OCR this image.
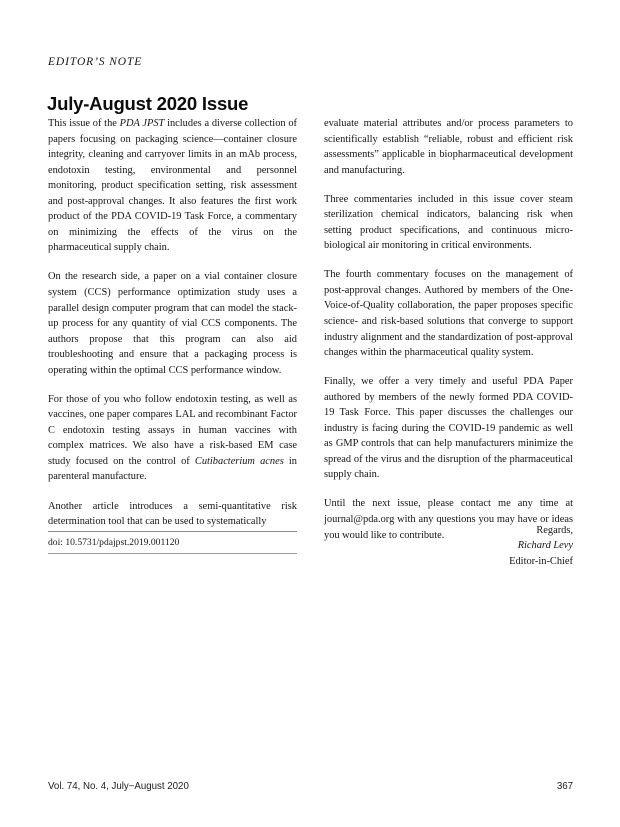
EDITOR’S NOTE
July-August 2020 Issue

This issue of the PDA JPST includes a diverse collection of papers focusing on packaging science—container closure integrity, cleaning and carryover limits in an mAb process, endotoxin testing, environmental and personnel monitoring, product specification setting, risk assessment and post-approval changes. It also features the first work product of the PDA COVID-19 Task Force, a commentary on minimizing the effects of the virus on the pharmaceutical supply chain.

On the research side, a paper on a vial container closure system (CCS) performance optimization study uses a parallel design computer program that can model the stack-up process for any quantity of vial CCS components. The authors propose that this program can also aid troubleshooting and ensure that a packaging process is operating within the optimal CCS performance window.

For those of you who follow endotoxin testing, as well as vaccines, one paper compares LAL and recombinant Factor C endotoxin testing assays in human vaccines with complex matrices. We also have a risk-based EM case study focused on the control of Cutibacterium acnes in parenteral manufacture.

Another article introduces a semi-quantitative risk determination tool that can be used to systematically

evaluate material attributes and/or process parameters to scientifically establish “reliable, robust and efficient risk assessments” applicable in biopharmaceutical development and manufacturing.

Three commentaries included in this issue cover steam sterilization chemical indicators, balancing risk when setting product specifications, and continuous microbiological air monitoring in critical environments.

The fourth commentary focuses on the management of post-approval changes. Authored by members of the One-Voice-of-Quality collaboration, the paper proposes specific science- and risk-based solutions that converge to support industry alignment and the standardization of post-approval changes within the pharmaceutical quality system.

Finally, we offer a very timely and useful PDA Paper authored by members of the newly formed PDA COVID-19 Task Force. This paper discusses the challenges our industry is facing during the COVID-19 pandemic as well as GMP controls that can help manufacturers minimize the spread of the virus and the disruption of the pharmaceutical supply chain.

Until the next issue, please contact me any time at journal@pda.org with any questions you may have or ideas you would like to contribute.

doi: 10.5731/pdajpst.2019.001120
Regards,
Richard Levy
Editor-in-Chief
Vol. 74, No. 4, July−August 2020	367
